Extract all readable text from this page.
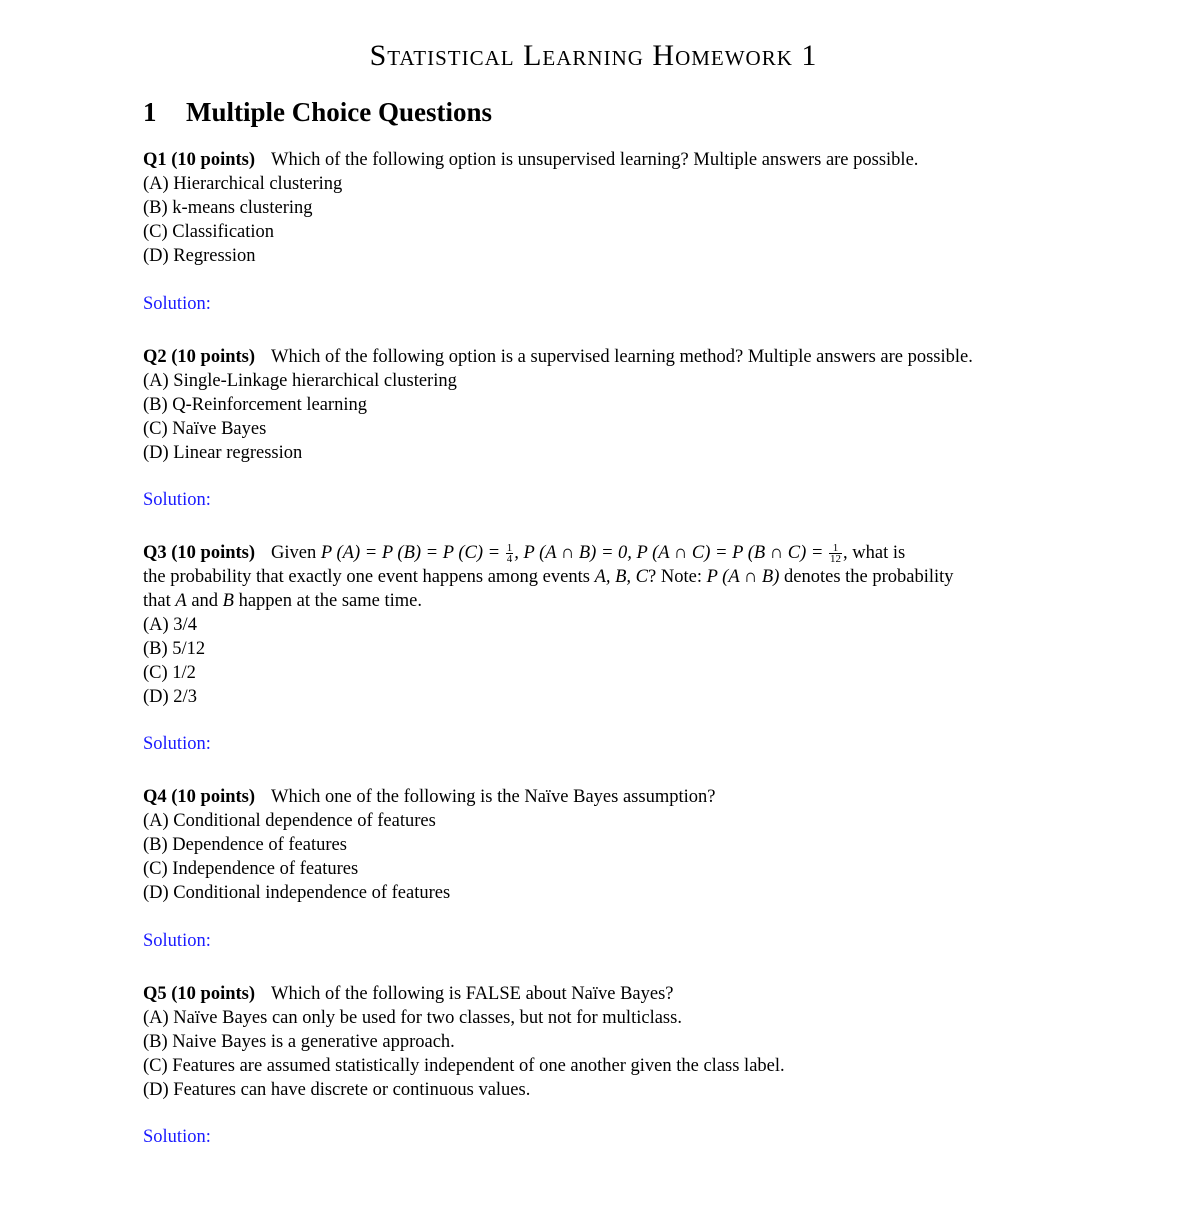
Statistical Learning Homework 1
1 Multiple Choice Questions
Q1 (10 points) Which of the following option is unsupervised learning? Multiple answers are possible.
(A) Hierarchical clustering
(B) k-means clustering
(C) Classification
(D) Regression
Solution:
Q2 (10 points) Which of the following option is a supervised learning method? Multiple answers are possible.
(A) Single-Linkage hierarchical clustering
(B) Q-Reinforcement learning
(C) Naïve Bayes
(D) Linear regression
Solution:
Q3 (10 points) Given P (A) = P (B) = P $(C) = \frac{1}{4}$ , P (A ∩ B) = 0, P (A ∩ C) = P (B ∩ $C) = \frac{1}{12}$ , what is
the probability that exactly one event happens among events A, B, C? Note: P (A ∩ B) denotes the probability
that A and B happen at the same time.
(A) 3/4
(B) 5/12
(C) 1/2
(D) 2/3
Solution:
Q4 (10 points) Which one of the following is the Naïve Bayes assumption?
(A) Conditional dependence of features
(B) Dependence of features
(C) Independence of features
(D) Conditional independence of features
Solution:
Q5 (10 points) Which of the following is FALSE about Naïve Bayes?
(A) Naïve Bayes can only be used for two classes, but not for multiclass.
(B) Naive Bayes is a generative approach.
(C) Features are assumed statistically independent of one another given the class label.
(D) Features can have discrete or continuous values.
Solution:
